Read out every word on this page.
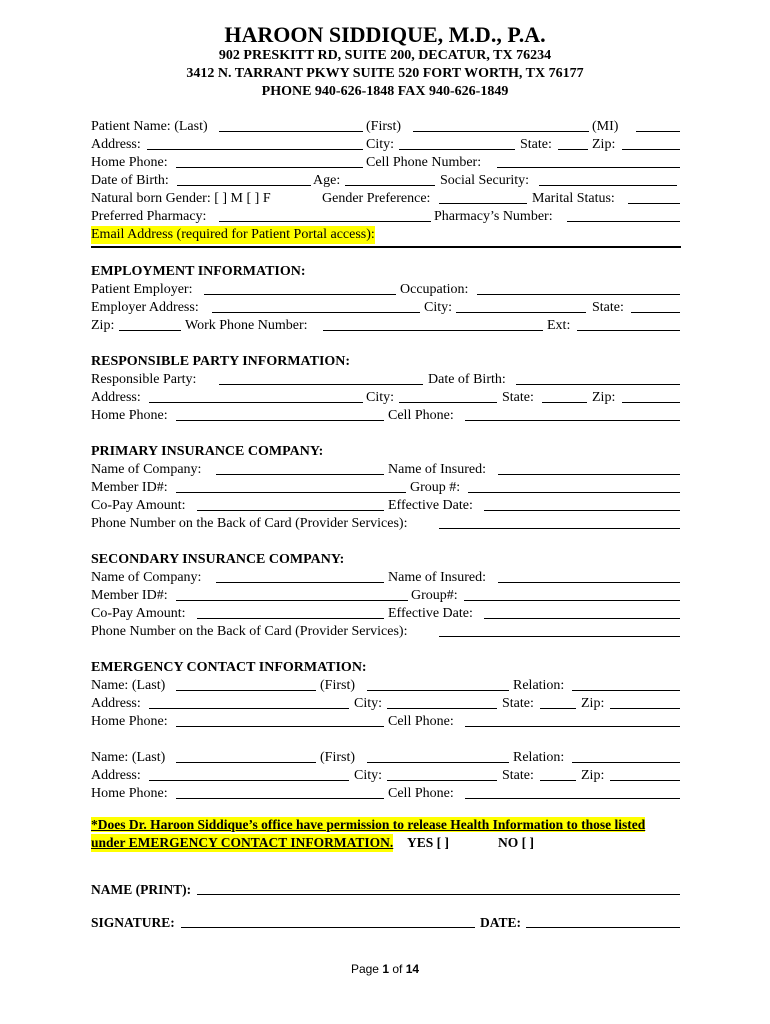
HAROON SIDDIQUE, M.D., P.A.
902 PRESKITT RD, SUITE 200, DECATUR, TX 76234
3412 N. TARRANT PKWY SUITE 520 FORT WORTH, TX 76177
PHONE 940-626-1848 FAX 940-626-1849
Patient Name: (Last)	(First)	(MI)
Address:	City:	State:	Zip:
Home Phone:	Cell Phone Number:
Date of Birth:	Age:	Social Security:
Natural born Gender: [ ] M [ ] F	Gender Preference:	Marital Status:
Preferred Pharmacy:	Pharmacy’s Number:
Email Address (required for Patient Portal access):
EMPLOYMENT INFORMATION:
Patient Employer:	Occupation:
Employer Address:	City:	State:
Zip:	Work Phone Number:	Ext:
RESPONSIBLE PARTY INFORMATION:
Responsible Party:	Date of Birth:
Address:	City:	State:	Zip:
Home Phone:	Cell Phone:
PRIMARY INSURANCE COMPANY:
Name of Company:	Name of Insured:
Member ID#:	Group #:
Co-Pay Amount:	Effective Date:
Phone Number on the Back of Card (Provider Services):
SECONDARY INSURANCE COMPANY:
Name of Company:	Name of Insured:
Member ID#:	Group#:
Co-Pay Amount:	Effective Date:
Phone Number on the Back of Card (Provider Services):
EMERGENCY CONTACT INFORMATION:
Name: (Last)	(First)	Relation:
Address:	City:	State:	Zip:
Home Phone:	Cell Phone:
Name: (Last)	(First)	Relation:
Address:	City:	State:	Zip:
Home Phone:	Cell Phone:
*Does Dr. Haroon Siddique’s office have permission to release Health Information to those listed
under EMERGENCY CONTACT INFORMATION. YES [ ]	NO [ ]
NAME (PRINT):
SIGNATURE:	DATE:
Page 1 of 14
